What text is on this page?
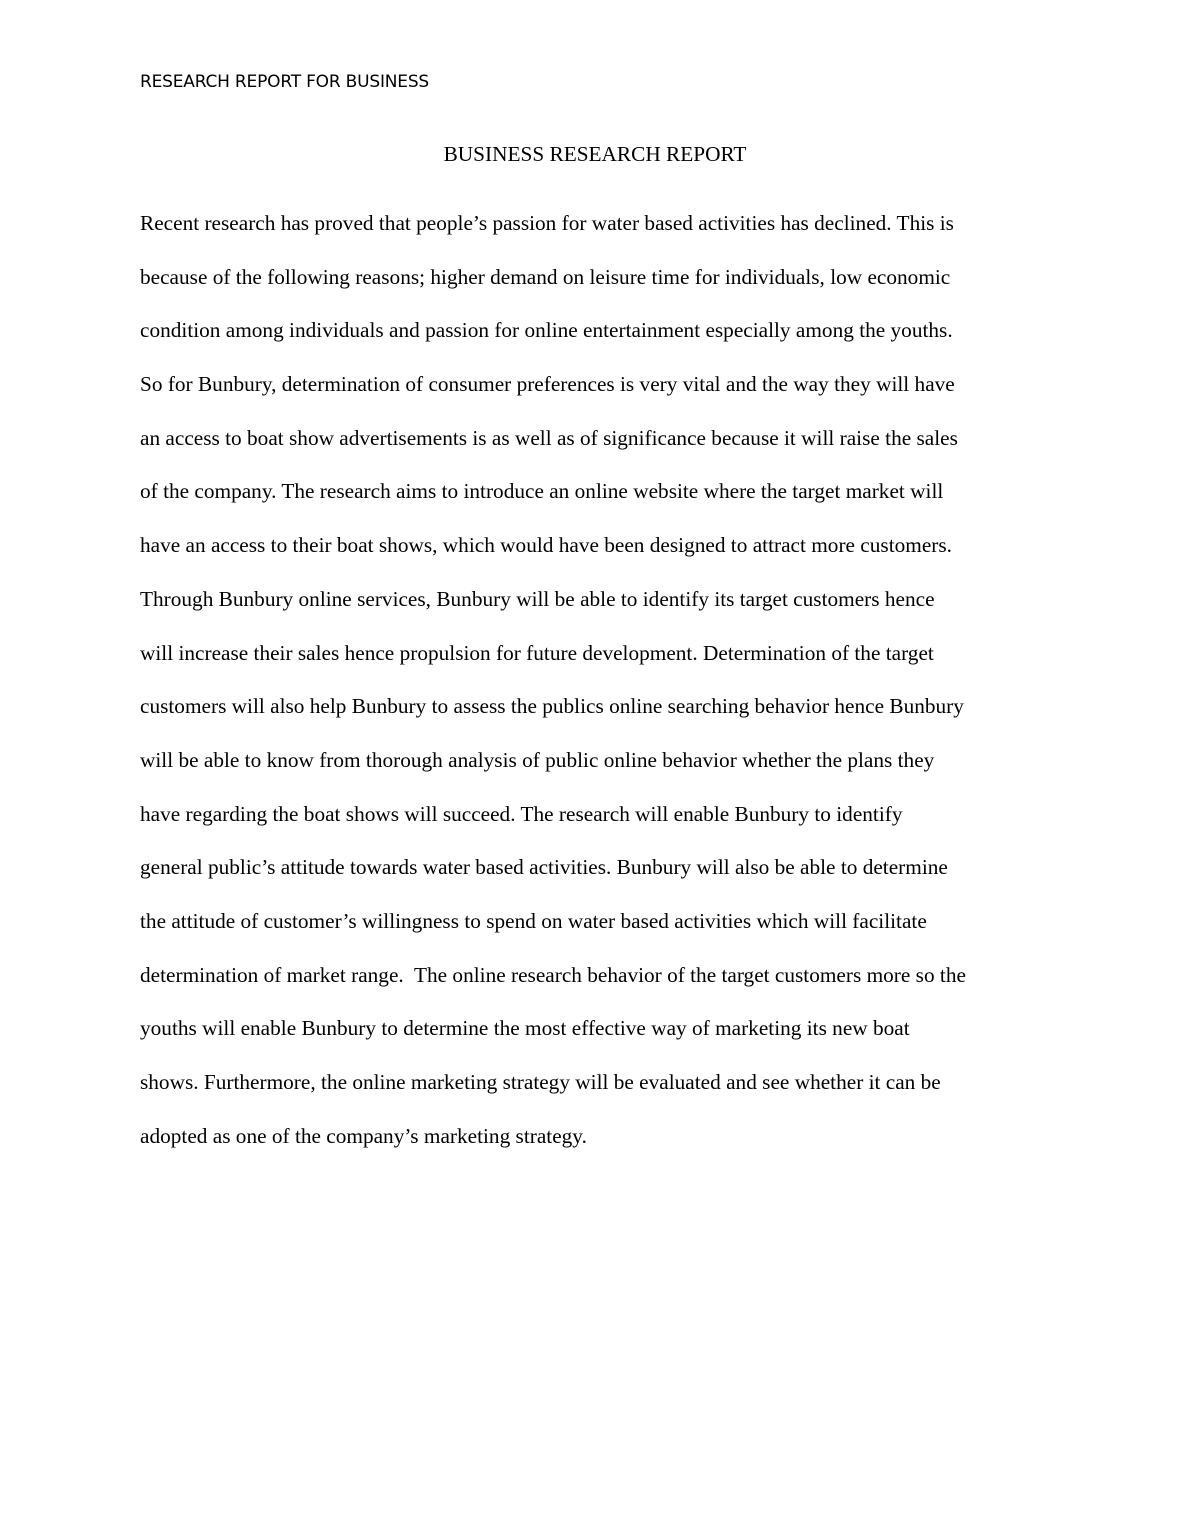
RESEARCH REPORT FOR BUSINESS
BUSINESS RESEARCH REPORT
Recent research has proved that people’s passion for water based activities has declined. This is
because of the following reasons; higher demand on leisure time for individuals, low economic
condition among individuals and passion for online entertainment especially among the youths.
So for Bunbury, determination of consumer preferences is very vital and the way they will have
an access to boat show advertisements is as well as of significance because it will raise the sales
of the company. The research aims to introduce an online website where the target market will
have an access to their boat shows, which would have been designed to attract more customers.
Through Bunbury online services, Bunbury will be able to identify its target customers hence
will increase their sales hence propulsion for future development. Determination of the target
customers will also help Bunbury to assess the publics online searching behavior hence Bunbury
will be able to know from thorough analysis of public online behavior whether the plans they
have regarding the boat shows will succeed. The research will enable Bunbury to identify
general public’s attitude towards water based activities. Bunbury will also be able to determine
the attitude of customer’s willingness to spend on water based activities which will facilitate
determination of market range.  The online research behavior of the target customers more so the
youths will enable Bunbury to determine the most effective way of marketing its new boat
shows. Furthermore, the online marketing strategy will be evaluated and see whether it can be
adopted as one of the company’s marketing strategy.
